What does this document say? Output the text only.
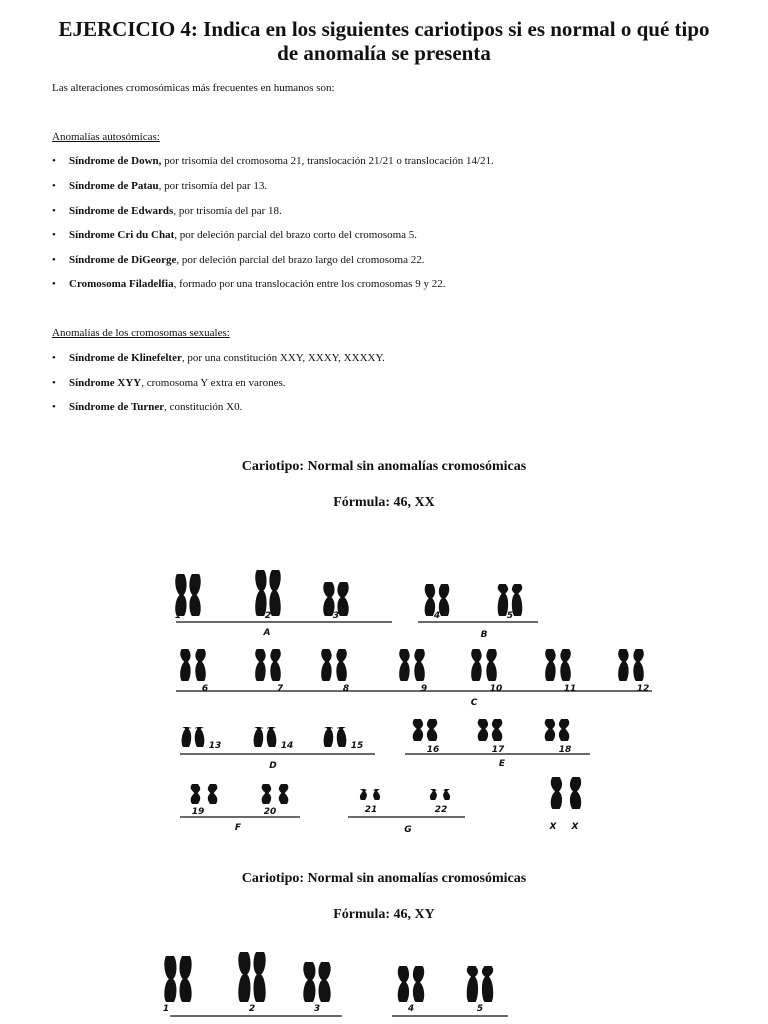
EJERCICIO 4: Indica en los siguientes cariotipos si es normal o qué tipo
de anomalía se presenta
Las alteraciones cromosómicas más frecuentes en humanos son:
Anomalías autosómicas:
• Síndrome de Down, por trisomía del cromosoma 21, translocación 21/21 o translocación 14/21.
• Síndrome de Patau, por trisomía del par 13.
• Síndrome de Edwards, por trisomía del par 18.
• Síndrome Cri du Chat, por deleción parcial del brazo corto del cromosoma 5.
• Síndrome de DiGeorge, por deleción parcial del brazo largo del cromosoma 22.
• Cromosoma Filadelfia, formado por una translocación entre los cromosomas 9 y 22.
Anomalías de los cromosomas sexuales:
• Síndrome de Klinefelter, por una constitución XXY, XXXY, XXXXY.
• Síndrome XYY, cromosoma Y extra en varones.
• Síndrome de Turner, constitución X0.
Cariotipo: Normal sin anomalías cromosómicas
Fórmula: 46, XX
1	2	3	4	5
A	B
6	7	8	9	10	11	12
C
13	14	15
D
16	17	18
E
19	20
F
21	22
G	X X
Cariotipo: Normal sin anomalías cromosómicas
Fórmula: 46, XY
1	2	3	4	5
